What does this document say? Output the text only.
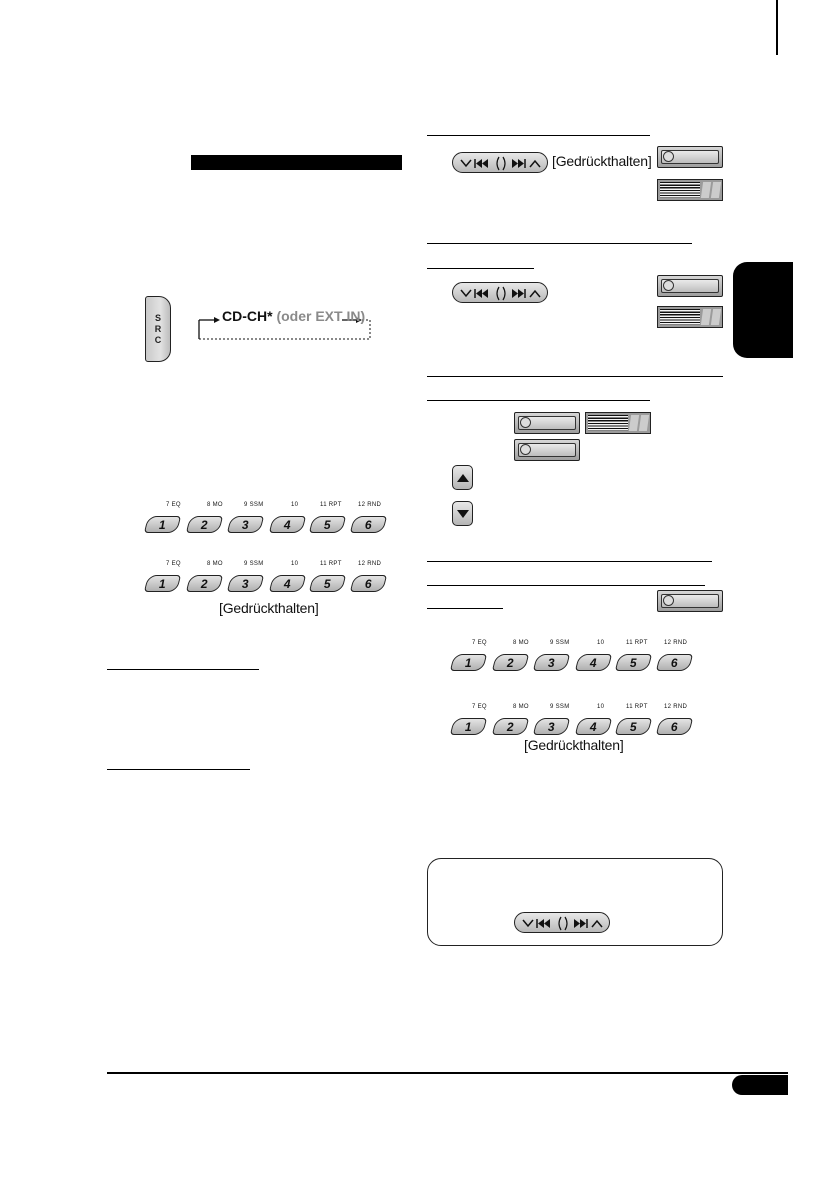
S
R
C
CD-CH* (oder EXT IN)
7 EQ	8 MO	9 SSM	10	11 RPT	12 RND
1	2	3	4	5	6
7 EQ	8 MO	9 SSM	10	11 RPT	12 RND
1	2	3	4	5	6
[Gedrückthalten]
[Gedrückthalten]
7 EQ	8 MO	9 SSM	10	11 RPT	12 RND
1	2	3	4	5	6
7 EQ	8 MO	9 SSM	10	11 RPT	12 RND
1	2	3	4	5	6
[Gedrückthalten]
